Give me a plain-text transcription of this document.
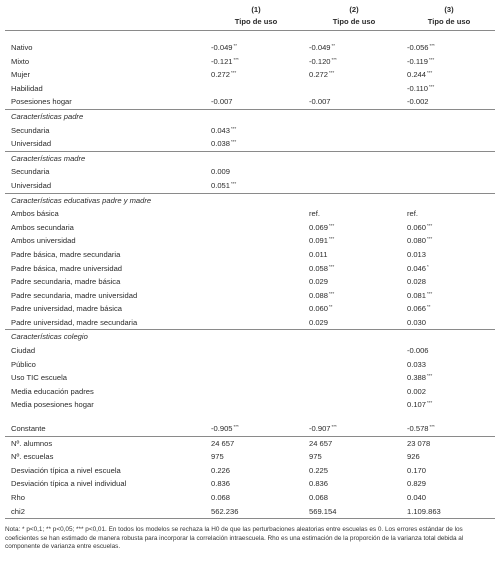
	(1)	(2)	(3)
	Tipo de uso	Tipo de uso	Tipo de uso

Nativo	-0.049**	-0.049**	-0.056***
Mixto	-0.121***	-0.120***	-0.119***
Mujer	0.272***	0.272***	0.244***
Habilidad			-0.110***
Posesiones hogar	-0.007	-0.007	-0.002
Características padre			
Secundaria	0.043***		
Universidad	0.038***		
Características madre			
Secundaria	0.009		
Universidad	0.051***		
Características educativas padre y madre			
Ambos básica		ref.	ref.
Ambos secundaria		0.069***	0.060***
Ambos universidad		0.091***	0.080***
Padre básica, madre secundaria		0.011	0.013
Padre básica, madre universidad		0.058***	0.046*
Padre secundaria, madre básica		0.029	0.028
Padre secundaria, madre universidad		0.088***	0.081***
Padre universidad, madre básica		0.060**	0.066**
Padre universidad, madre secundaria		0.029	0.030
Características colegio			
Ciudad			-0.006
Público			0.033
Uso TIC escuela			0.388***
Media educación padres			0.002
Media posesiones hogar			0.107***

Constante	-0.905***	-0.907***	-0.578***
Nº. alumnos	24 657	24 657	23 078
Nº. escuelas	975	975	926
Desviación típica a nivel escuela	0.226	0.225	0.170
Desviación típica a nivel individual	0.836	0.836	0.829
Rho	0.068	0.068	0.040
chi2	562.236	569.154	1.109.863
Nota: * p<0,1; ** p<0,05; *** p<0,01. En todos los modelos se rechaza la H0 de que las perturbaciones aleatorias entre escuelas es 0. Los errores estándar de los coeficientes se han estimado de manera robusta para incorporar la correlación intraescuela. Rho es una estimación de la proporción de la varianza total debida al componente de varianza entre escuelas.
